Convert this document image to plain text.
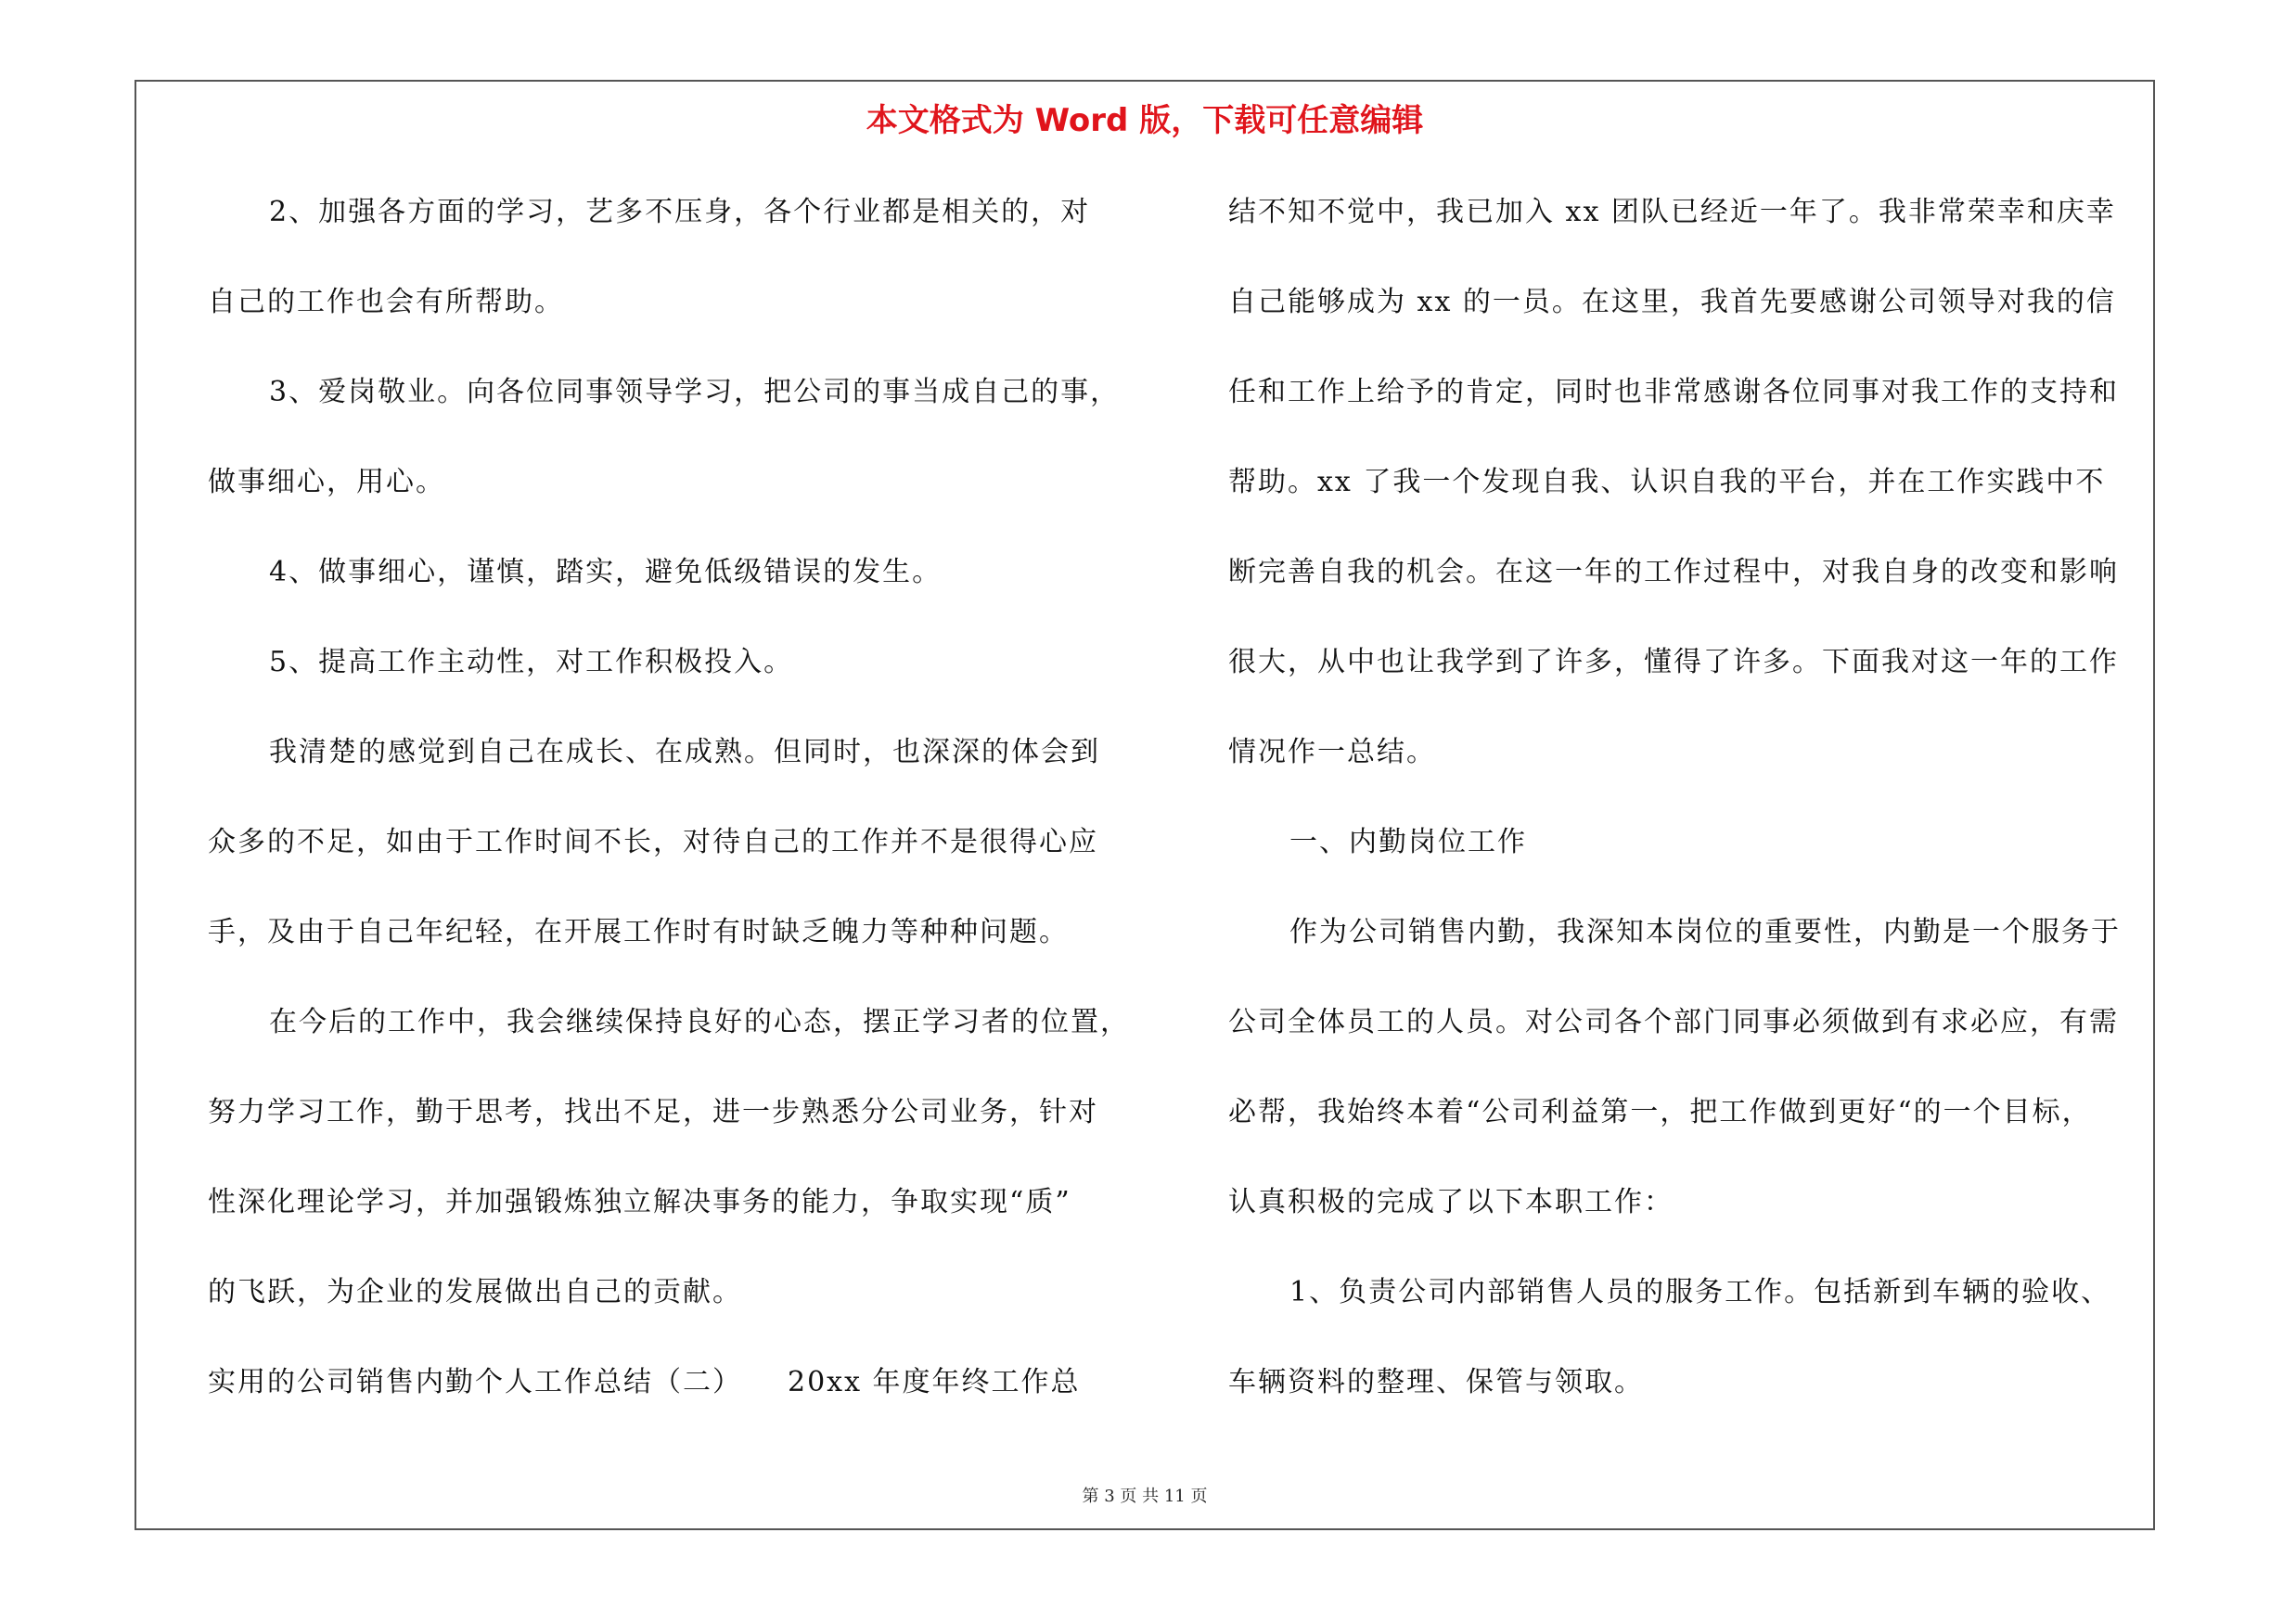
本文格式为 Word 版，下载可任意编辑

2、加强各方面的学习，艺多不压身，各个行业都是相关的，对

自己的工作也会有所帮助。

3、爱岗敬业。向各位同事领导学习，把公司的事当成自己的事，

做事细心，用心。

4、做事细心，谨慎，踏实，避免低级错误的发生。

5、提高工作主动性，对工作积极投入。

我清楚的感觉到自己在成长、在成熟。但同时，也深深的体会到

众多的不足，如由于工作时间不长，对待自己的工作并不是很得心应

手，及由于自己年纪轻，在开展工作时有时缺乏魄力等种种问题。

在今后的工作中，我会继续保持良好的心态，摆正学习者的位置，

努力学习工作，勤于思考，找出不足，进一步熟悉分公司业务，针对

性深化理论学习，并加强锻炼独立解决事务的能力，争取实现“质”

的飞跃，为企业的发展做出自己的贡献。

实用的公司销售内勤个人工作总结（二）　　20xx 年度年终工作总

结不知不觉中，我已加入 xx 团队已经近一年了。我非常荣幸和庆幸

自己能够成为 xx 的一员。在这里，我首先要感谢公司领导对我的信

任和工作上给予的肯定，同时也非常感谢各位同事对我工作的支持和

帮助。xx 了我一个发现自我、认识自我的平台，并在工作实践中不

断完善自我的机会。在这一年的工作过程中，对我自身的改变和影响

很大，从中也让我学到了许多，懂得了许多。下面我对这一年的工作

情况作一总结。

一、内勤岗位工作

作为公司销售内勤，我深知本岗位的重要性，内勤是一个服务于

公司全体员工的人员。对公司各个部门同事必须做到有求必应，有需

必帮，我始终本着“公司利益第一，把工作做到更好“的一个目标，

认真积极的完成了以下本职工作：

1、负责公司内部销售人员的服务工作。包括新到车辆的验收、

车辆资料的整理、保管与领取。

第 3 页 共 11 页
